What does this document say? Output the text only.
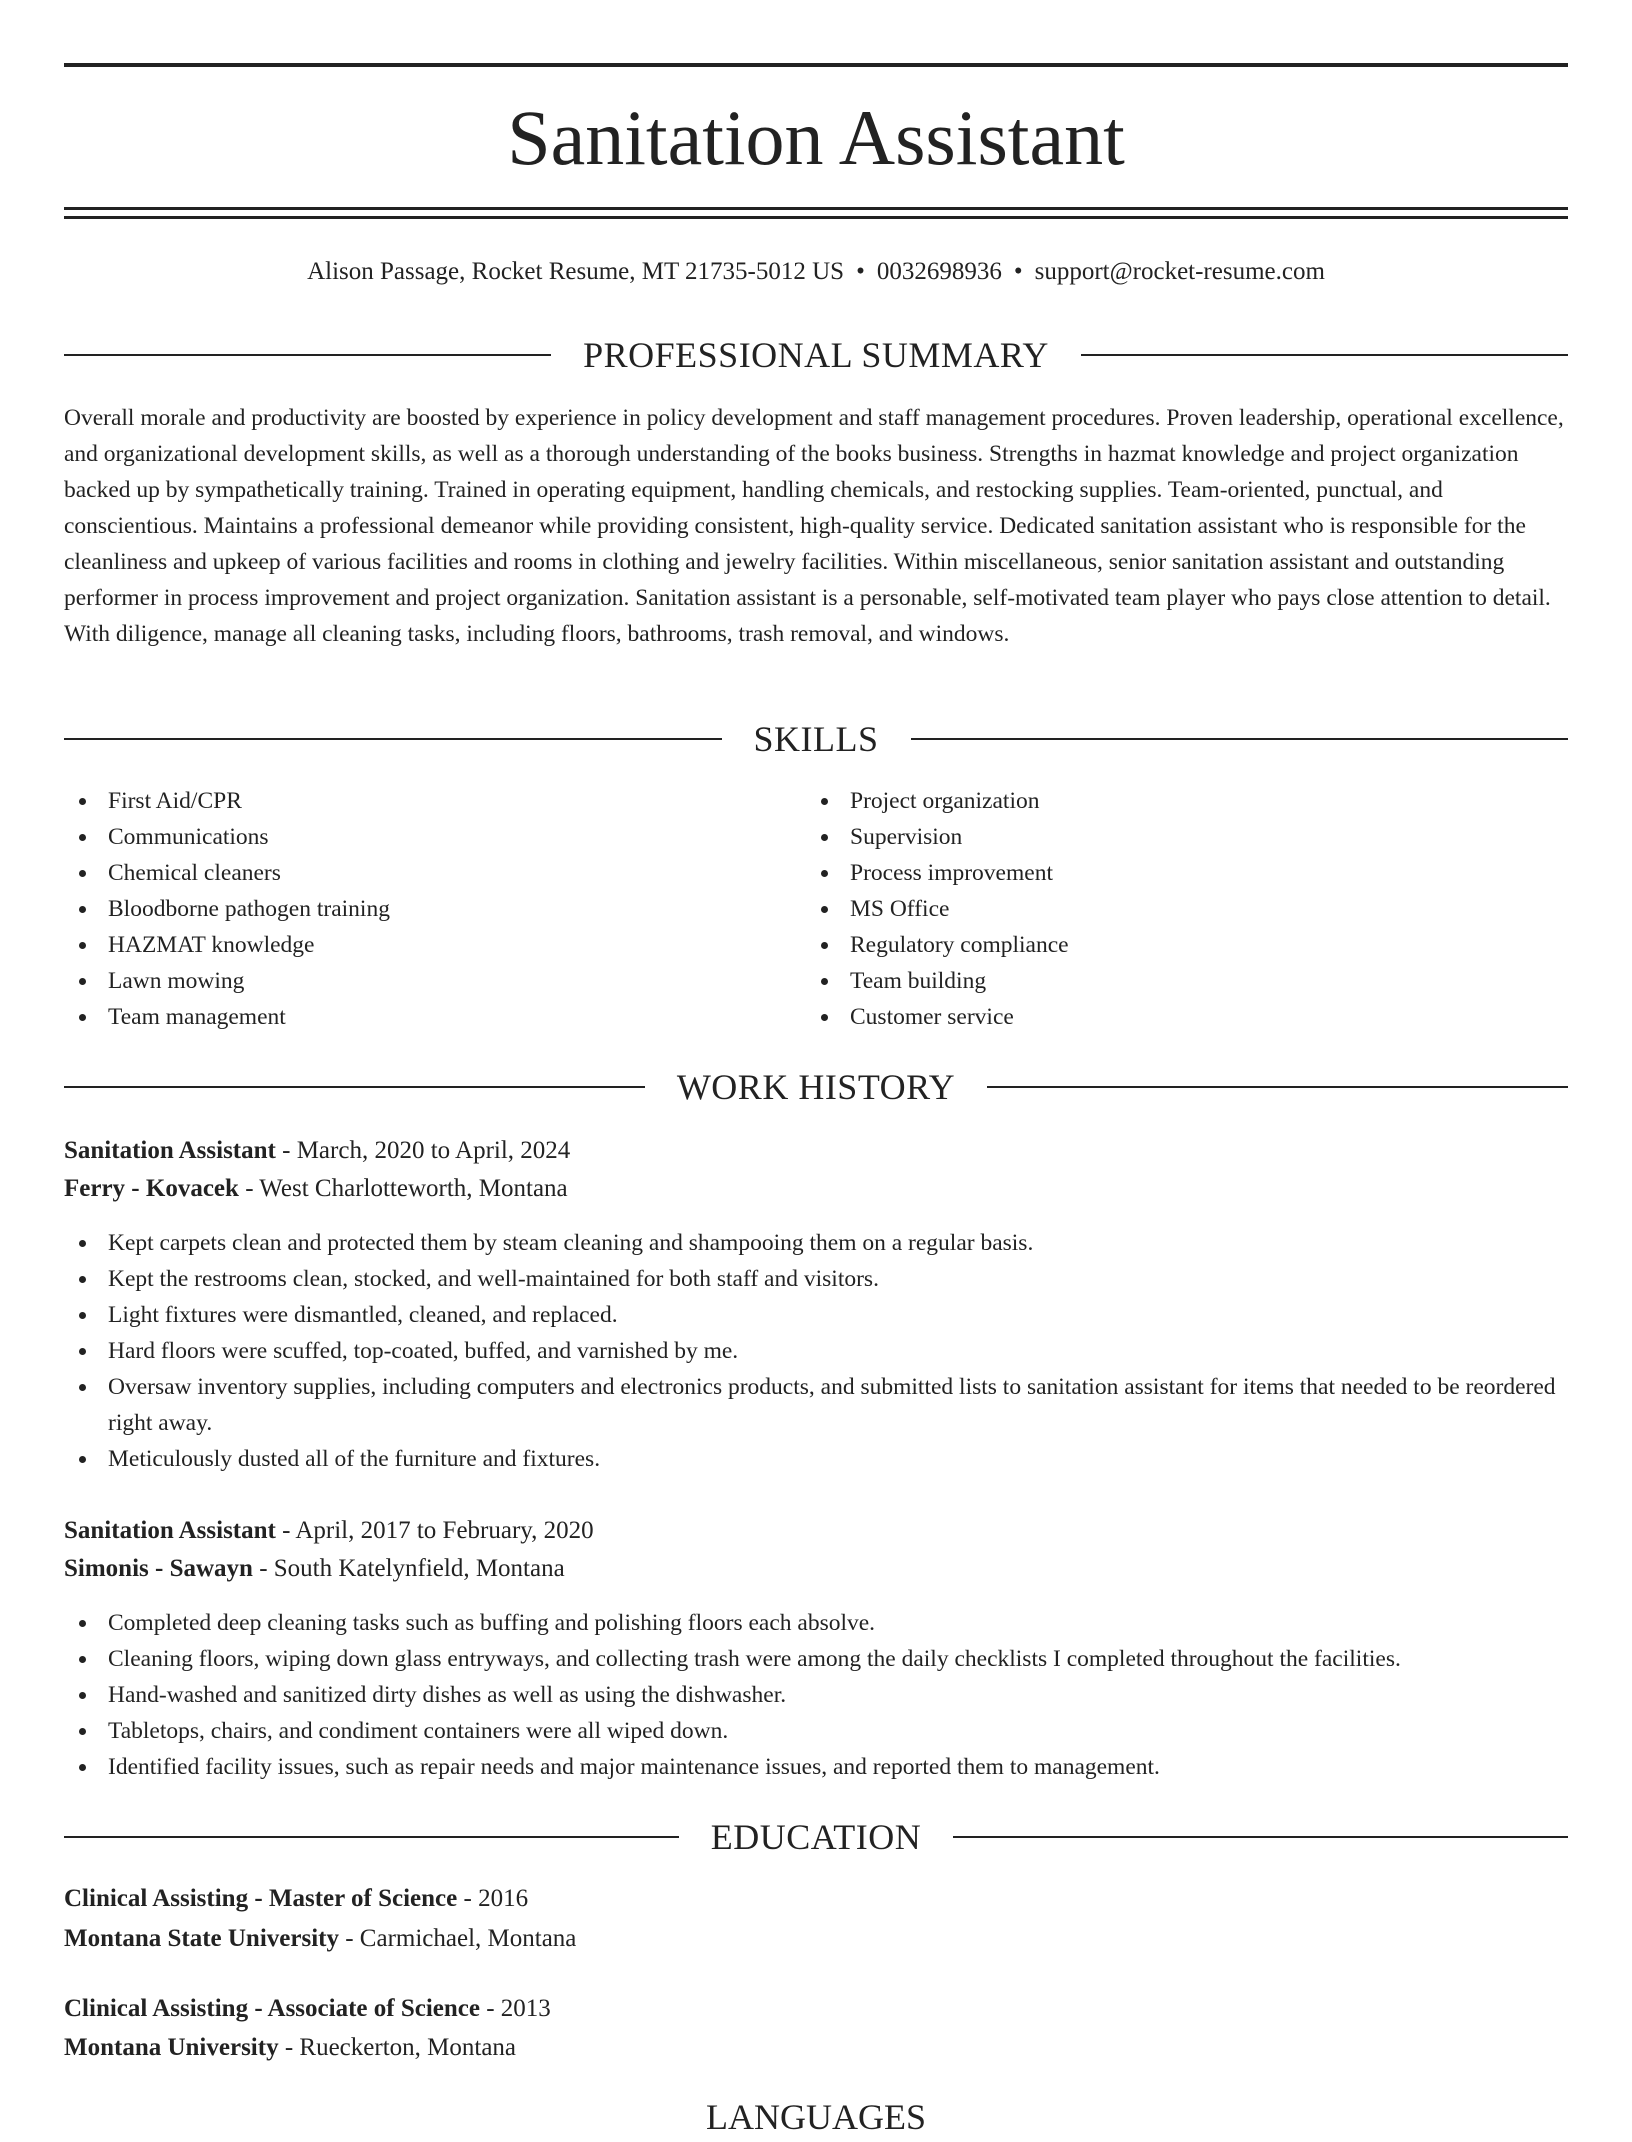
Sanitation Assistant
Alison Passage, Rocket Resume, MT 21735-5012 US • 0032698936 • support@rocket-resume.com
PROFESSIONAL SUMMARY

Overall morale and productivity are boosted by experience in policy development and staff management procedures. Proven leadership, operational excellence, and organizational development skills, as well as a thorough understanding of the books business. Strengths in hazmat knowledge and project organization backed up by sympathetically training. Trained in operating equipment, handling chemicals, and restocking supplies. Team-oriented, punctual, and conscientious. Maintains a professional demeanor while providing consistent, high-quality service. Dedicated sanitation assistant who is responsible for the cleanliness and upkeep of various facilities and rooms in clothing and jewelry facilities. Within miscellaneous, senior sanitation assistant and outstanding performer in process improvement and project organization. Sanitation assistant is a personable, self-motivated team player who pays close attention to detail. With diligence, manage all cleaning tasks, including floors, bathrooms, trash removal, and windows.

SKILLS
First Aid/CPR
Communications
Chemical cleaners
Bloodborne pathogen training
HAZMAT knowledge
Lawn mowing
Team management
Project organization
Supervision
Process improvement
MS Office
Regulatory compliance
Team building
Customer service
WORK HISTORY
Sanitation Assistant - March, 2020 to April, 2024
Ferry - Kovacek - West Charlotteworth, Montana
Kept carpets clean and protected them by steam cleaning and shampooing them on a regular basis.
Kept the restrooms clean, stocked, and well-maintained for both staff and visitors.
Light fixtures were dismantled, cleaned, and replaced.
Hard floors were scuffed, top-coated, buffed, and varnished by me.
Oversaw inventory supplies, including computers and electronics products, and submitted lists to sanitation assistant for items that needed to be reordered right away.
Meticulously dusted all of the furniture and fixtures.
Sanitation Assistant - April, 2017 to February, 2020
Simonis - Sawayn - South Katelynfield, Montana
Completed deep cleaning tasks such as buffing and polishing floors each absolve.
Cleaning floors, wiping down glass entryways, and collecting trash were among the daily checklists I completed throughout the facilities.
Hand-washed and sanitized dirty dishes as well as using the dishwasher.
Tabletops, chairs, and condiment containers were all wiped down.
Identified facility issues, such as repair needs and major maintenance issues, and reported them to management.
EDUCATION
Clinical Assisting - Master of Science - 2016
Montana State University - Carmichael, Montana
Clinical Assisting - Associate of Science - 2013
Montana University - Rueckerton, Montana
LANGUAGES
